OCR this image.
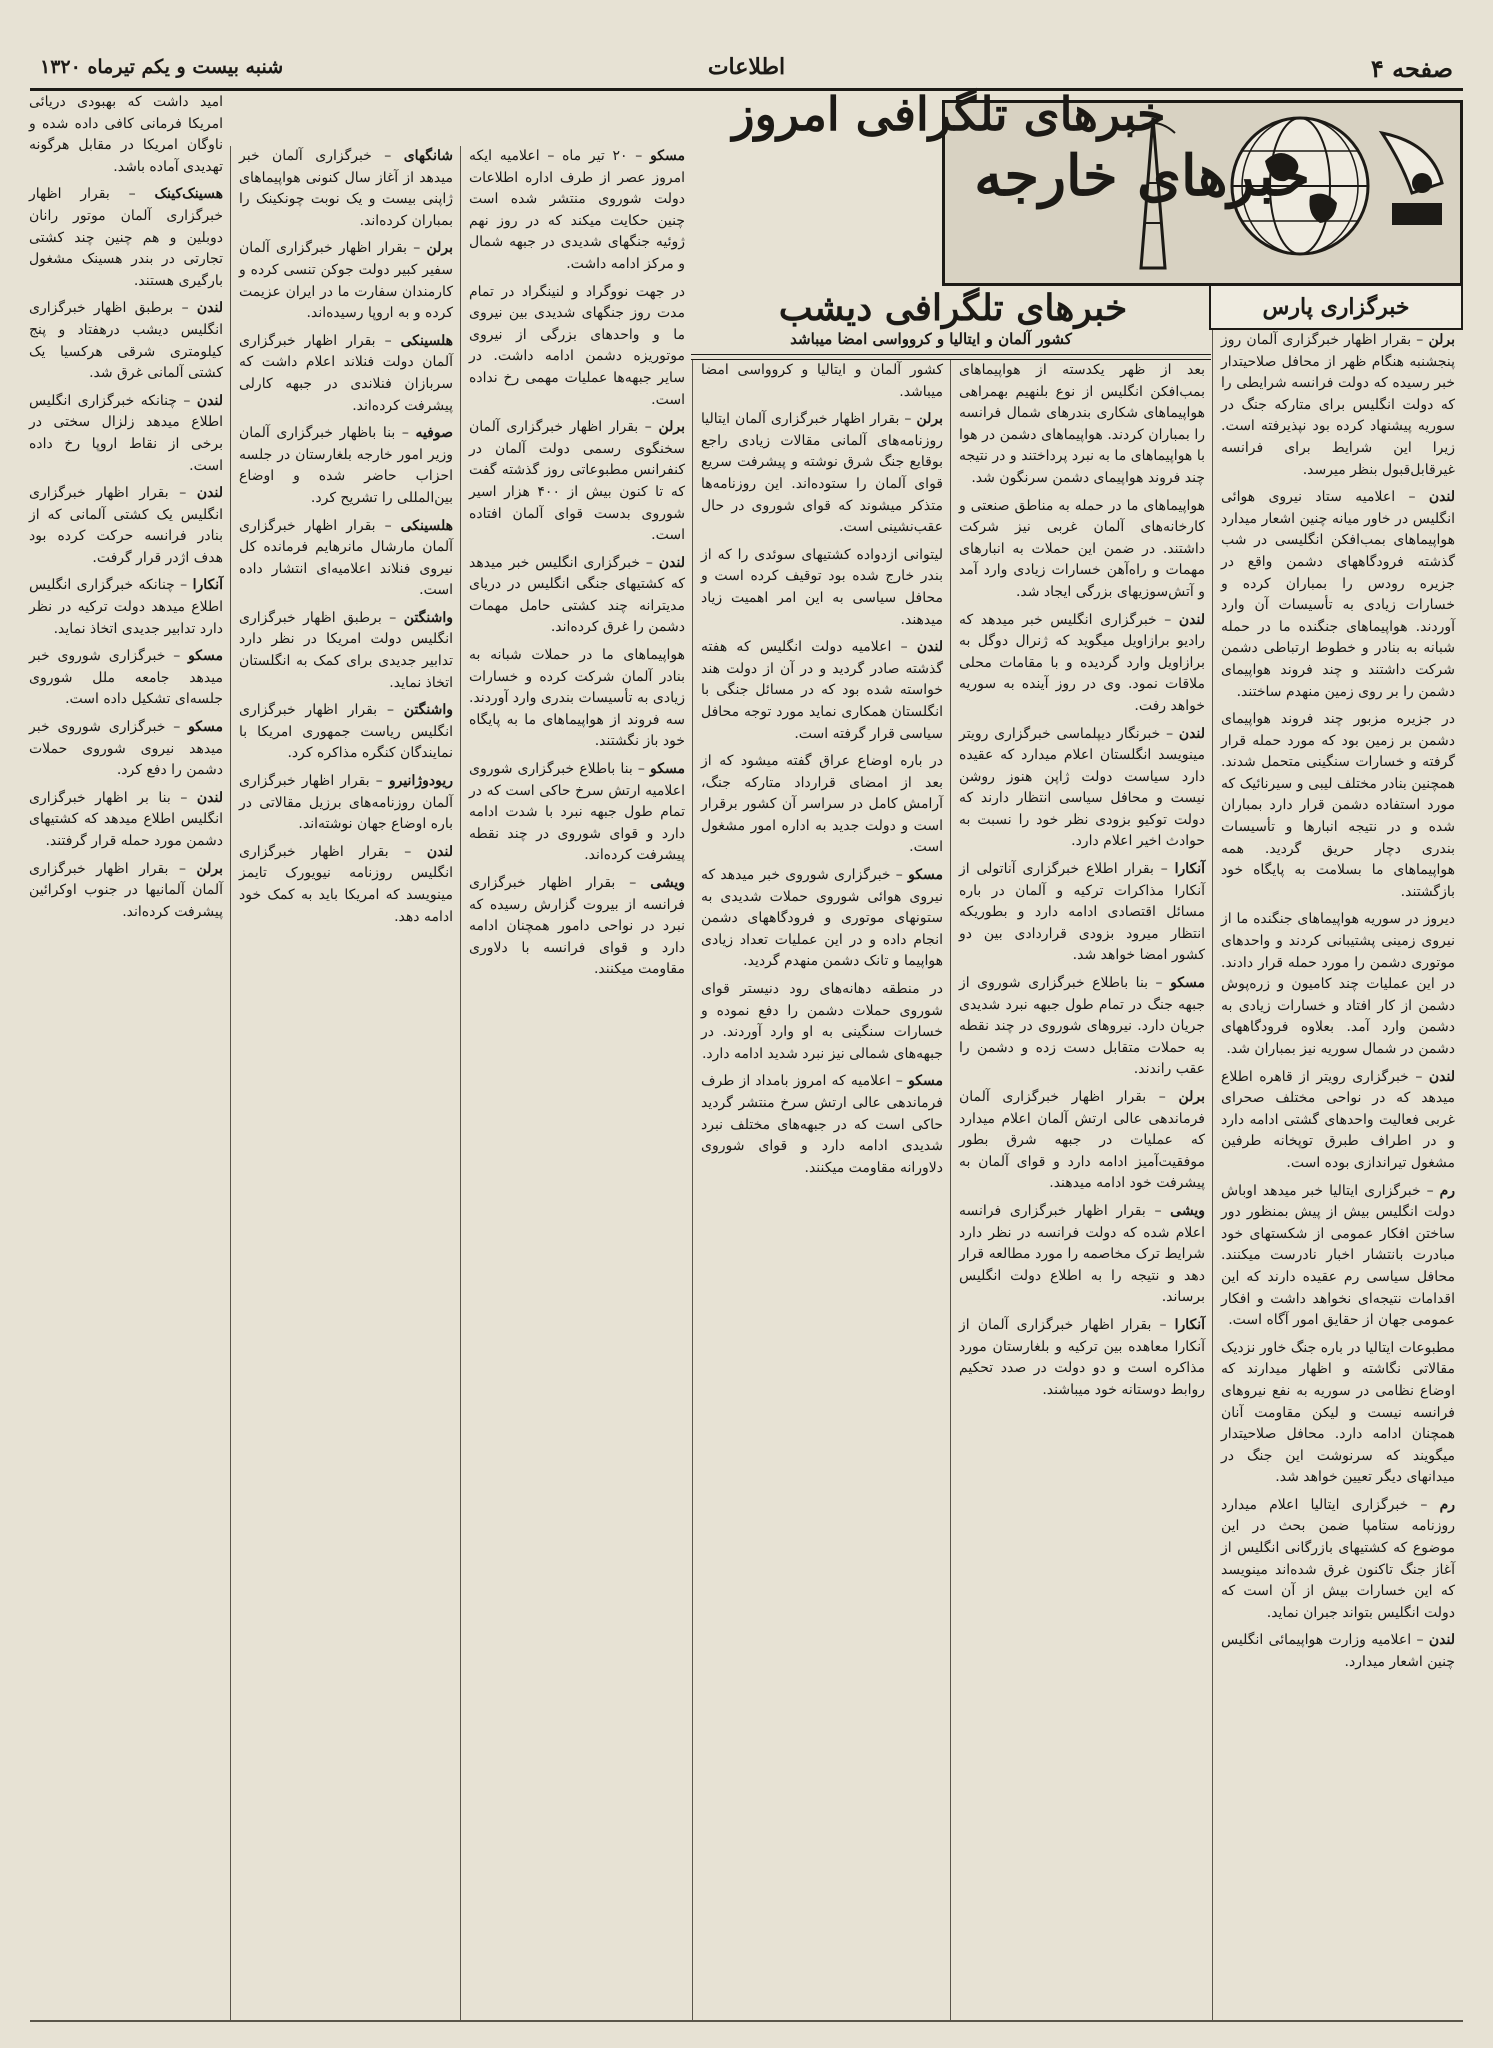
صفحه ۴
اطلاعات
شنبه بیست و یکم تیرماه ۱۳۲۰
خبرهای خارجه
خبرگزاری پارس
خبرهای تلگرافی امروز
خبرهای تلگرافی دیشب
کشور آلمان و ایتالیا و کروواسی امضا میباشد	برلن – بقرار اظهار خبرگزاری آلمان روز پنجشنبه هنگام ظهر از محافل صلاحیتدار خبر رسیده که دولت فرانسه شرایطی را که دولت انگلیس برای متارکه جنگ در سوریه پیشنهاد کرده بود نپذیرفته است. زیرا این شرایط برای فرانسه غیرقابل‌قبول بنظر میرسد.

لندن – اعلامیه ستاد نیروی هوائی انگلیس در خاور میانه چنین اشعار میدارد هواپیماهای بمب‌افکن انگلیسی در شب گذشته فرودگاههای دشمن واقع در جزیره رودس را بمباران کرده و خسارات زیادی به تأسیسات آن وارد آوردند. هواپیماهای جنگنده ما در حمله شبانه به بنادر و خطوط ارتباطی دشمن شرکت داشتند و چند فروند هواپیمای دشمن را بر روی زمین منهدم ساختند.

در جزیره مزبور چند فروند هواپیمای دشمن بر زمین بود که مورد حمله قرار گرفته و خسارات سنگینی متحمل شدند. همچنین بنادر مختلف لیبی و سیرنائیک که مورد استفاده دشمن قرار دارد بمباران شده و در نتیجه انبارها و تأسیسات بندری دچار حریق گردید. همه هواپیماهای ما بسلامت به پایگاه خود بازگشتند.

دیروز در سوریه هواپیماهای جنگنده ما از نیروی زمینی پشتیبانی کردند و واحدهای موتوری دشمن را مورد حمله قرار دادند. در این عملیات چند کامیون و زره‌پوش دشمن از کار افتاد و خسارات زیادی به دشمن وارد آمد. بعلاوه فرودگاههای دشمن در شمال سوریه نیز بمباران شد.

لندن – خبرگزاری رویتر از قاهره اطلاع میدهد که در نواحی مختلف صحرای غربی فعالیت واحدهای گشتی ادامه دارد و در اطراف طبرق توپخانه طرفین مشغول تیراندازی بوده است.

رم – خبرگزاری ایتالیا خبر میدهد اوباش دولت انگلیس بیش از پیش بمنظور دور ساختن افکار عمومی از شکستهای خود مبادرت بانتشار اخبار نادرست میکنند. محافل سیاسی رم عقیده دارند که این اقدامات نتیجه‌ای نخواهد داشت و افکار عمومی جهان از حقایق امور آگاه است.

مطبوعات ایتالیا در باره جنگ خاور نزدیک مقالاتی نگاشته و اظهار میدارند که اوضاع نظامی در سوریه به نفع نیروهای فرانسه نیست و لیکن مقاومت آنان همچنان ادامه دارد. محافل صلاحیتدار میگویند که سرنوشت این جنگ در میدانهای دیگر تعیین خواهد شد.

رم – خبرگزاری ایتالیا اعلام میدارد روزنامه ستامپا ضمن بحث در این موضوع که کشتیهای بازرگانی انگلیس از آغاز جنگ تاکنون غرق شده‌اند مینویسد که این خسارات بیش از آن است که دولت انگلیس بتواند جبران نماید.

لندن – اعلامیه وزارت هواپیمائی انگلیس چنین اشعار میدارد.

بعد از ظهر یکدسته از هواپیماهای بمب‌افکن انگلیس از نوع بلنهیم بهمراهی هواپیماهای شکاری بندرهای شمال فرانسه را بمباران کردند. هواپیماهای دشمن در هوا با هواپیماهای ما به نبرد پرداختند و در نتیجه چند فروند هواپیمای دشمن سرنگون شد.

هواپیماهای ما در حمله به مناطق صنعتی و کارخانه‌های آلمان غربی نیز شرکت داشتند. در ضمن این حملات به انبارهای مهمات و راه‌آهن خسارات زیادی وارد آمد و آتش‌سوزیهای بزرگی ایجاد شد.

لندن – خبرگزاری انگلیس خبر میدهد که رادیو برازاویل میگوید که ژنرال دوگل به برازاویل وارد گردیده و با مقامات محلی ملاقات نمود. وی در روز آینده به سوریه خواهد رفت.

لندن – خبرنگار دیپلماسی خبرگزاری رویتر مینویسد انگلستان اعلام میدارد که عقیده دارد سیاست دولت ژاپن هنوز روشن نیست و محافل سیاسی انتظار دارند که دولت توکیو بزودی نظر خود را نسبت به حوادث اخیر اعلام دارد.

آنکارا – بقرار اطلاع خبرگزاری آناتولی از آنکارا مذاکرات ترکیه و آلمان در باره مسائل اقتصادی ادامه دارد و بطوریکه انتظار میرود بزودی قراردادی بین دو کشور امضا خواهد شد.

مسکو – بنا باطلاع خبرگزاری شوروی از جبهه جنگ در تمام طول جبهه نبرد شدیدی جریان دارد. نیروهای شوروی در چند نقطه به حملات متقابل دست زده و دشمن را عقب راندند.

برلن – بقرار اظهار خبرگزاری آلمان فرماندهی عالی ارتش آلمان اعلام میدارد که عملیات در جبهه شرق بطور موفقیت‌آمیز ادامه دارد و قوای آلمان به پیشرفت خود ادامه میدهند.

ویشی – بقرار اظهار خبرگزاری فرانسه اعلام شده که دولت فرانسه در نظر دارد شرایط ترک مخاصمه را مورد مطالعه قرار دهد و نتیجه را به اطلاع دولت انگلیس برساند.

آنکارا – بقرار اظهار خبرگزاری آلمان از آنکارا معاهده بین ترکیه و بلغارستان مورد مذاکره است و دو دولت در صدد تحکیم روابط دوستانه خود میباشند.

کشور آلمان و ایتالیا و کروواسی امضا میباشد.

برلن – بقرار اظهار خبرگزاری آلمان ایتالیا روزنامه‌های آلمانی مقالات زیادی راجع بوقایع جنگ شرق نوشته و پیشرفت سریع قوای آلمان را ستوده‌اند. این روزنامه‌ها متذکر میشوند که قوای شوروی در حال عقب‌نشینی است.

لیتوانی ازدواده کشتیهای سوئدی را که از بندر خارج شده بود توقیف کرده است و محافل سیاسی به این امر اهمیت زیاد میدهند.

لندن – اعلامیه دولت انگلیس که هفته گذشته صادر گردید و در آن از دولت هند خواسته شده بود که در مسائل جنگی با انگلستان همکاری نماید مورد توجه محافل سیاسی قرار گرفته است.

در باره اوضاع عراق گفته میشود که از بعد از امضای قرارداد متارکه جنگ، آرامش کامل در سراسر آن کشور برقرار است و دولت جدید به اداره امور مشغول است.

مسکو – خبرگزاری شوروی خبر میدهد که نیروی هوائی شوروی حملات شدیدی به ستونهای موتوری و فرودگاههای دشمن انجام داده و در این عملیات تعداد زیادی هواپیما و تانک دشمن منهدم گردید.

در منطقه دهانه‌های رود دنیستر قوای شوروی حملات دشمن را دفع نموده و خسارات سنگینی به او وارد آوردند. در جبهه‌های شمالی نیز نبرد شدید ادامه دارد.

مسکو – اعلامیه که امروز بامداد از طرف فرماندهی عالی ارتش سرخ منتشر گردید حاکی است که در جبهه‌های مختلف نبرد شدیدی ادامه دارد و قوای شوروی دلاورانه مقاومت میکنند.

مسکو – ۲۰ تیر ماه – اعلامیه ایکه امروز عصر از طرف اداره اطلاعات دولت شوروی منتشر شده است چنین حکایت میکند که در روز نهم ژوئیه جنگهای شدیدی در جبهه شمال و مرکز ادامه داشت.

در جهت نووگراد و لنینگراد در تمام مدت روز جنگهای شدیدی بین نیروی ما و واحدهای بزرگی از نیروی موتوریزه دشمن ادامه داشت. در سایر جبهه‌ها عملیات مهمی رخ نداده است.

برلن – بقرار اظهار خبرگزاری آلمان سخنگوی رسمی دولت آلمان در کنفرانس مطبوعاتی روز گذشته گفت که تا کنون بیش از ۴۰۰ هزار اسیر شوروی بدست قوای آلمان افتاده است.

لندن – خبرگزاری انگلیس خبر میدهد که کشتیهای جنگی انگلیس در دریای مدیترانه چند کشتی حامل مهمات دشمن را غرق کرده‌اند.

هواپیماهای ما در حملات شبانه به بنادر آلمان شرکت کرده و خسارات زیادی به تأسیسات بندری وارد آوردند. سه فروند از هواپیماهای ما به پایگاه خود باز نگشتند.

مسکو – بنا باطلاع خبرگزاری شوروی اعلامیه ارتش سرخ حاکی است که در تمام طول جبهه نبرد با شدت ادامه دارد و قوای شوروی در چند نقطه پیشرفت کرده‌اند.

ویشی – بقرار اظهار خبرگزاری فرانسه از بیروت گزارش رسیده که نبرد در نواحی دامور همچنان ادامه دارد و قوای فرانسه با دلاوری مقاومت میکنند.

شانگهای – خبرگزاری آلمان خبر میدهد از آغاز سال کنونی هواپیماهای ژاپنی بیست و یک نوبت چونکینک را بمباران کرده‌اند.

برلن – بقرار اظهار خبرگزاری آلمان سفیر کبیر دولت جوکن تنسی کرده و کارمندان سفارت ما در ایران عزیمت کرده و به اروپا رسیده‌اند.

هلسینکی – بقرار اظهار خبرگزاری آلمان دولت فنلاند اعلام داشت که سربازان فنلاندی در جبهه کارلی پیشرفت کرده‌اند.

صوفیه – بنا باظهار خبرگزاری آلمان وزیر امور خارجه بلغارستان در جلسه احزاب حاضر شده و اوضاع بین‌المللی را تشریح کرد.

هلسینکی – بقرار اظهار خبرگزاری آلمان مارشال مانرهایم فرمانده کل نیروی فنلاند اعلامیه‌ای انتشار داده است.

واشنگتن – برطبق اظهار خبرگزاری انگلیس دولت امریکا در نظر دارد تدابیر جدیدی برای کمک به انگلستان اتخاذ نماید.

واشنگتن – بقرار اظهار خبرگزاری انگلیس ریاست جمهوری امریکا با نمایندگان کنگره مذاکره کرد.

ریودوژانیرو – بقرار اظهار خبرگزاری آلمان روزنامه‌های برزیل مقالاتی در باره اوضاع جهان نوشته‌اند.

لندن – بقرار اظهار خبرگزاری انگلیس روزنامه نیویورک تایمز مینویسد که امریکا باید به کمک خود ادامه دهد.

امید داشت که بهبودی دریائی امریکا فرمانی کافی داده شده و ناوگان امریکا در مقابل هرگونه تهدیدی آماده باشد.

هسینک‌کینک – بقرار اظهار خبرگزاری آلمان موتور رانان دوبلین و هم چنین چند کشتی تجارتی در بندر هسینک مشغول بارگیری هستند.

لندن – برطبق اظهار خبرگزاری انگلیس دیشب درهفتاد و پنج کیلومتری شرقی هرکسیا یک کشتی آلمانی غرق شد.

لندن – چنانکه خبرگزاری انگلیس اطلاع میدهد زلزال سختی در برخی از نقاط اروپا رخ داده است.

لندن – بقرار اظهار خبرگزاری انگلیس یک کشتی آلمانی که از بنادر فرانسه حرکت کرده بود هدف اژدر قرار گرفت.

آنکارا – چنانکه خبرگزاری انگلیس اطلاع میدهد دولت ترکیه در نظر دارد تدابیر جدیدی اتخاذ نماید.

مسکو – خبرگزاری شوروی خبر میدهد جامعه ملل شوروی جلسه‌ای تشکیل داده است.

مسکو – خبرگزاری شوروی خبر میدهد نیروی شوروی حملات دشمن را دفع کرد.

لندن – بنا بر اظهار خبرگزاری انگلیس اطلاع میدهد که کشتیهای دشمن مورد حمله قرار گرفتند.

برلن – بقرار اظهار خبرگزاری آلمان آلمانیها در جنوب اوکرائین پیشرفت کرده‌اند.
